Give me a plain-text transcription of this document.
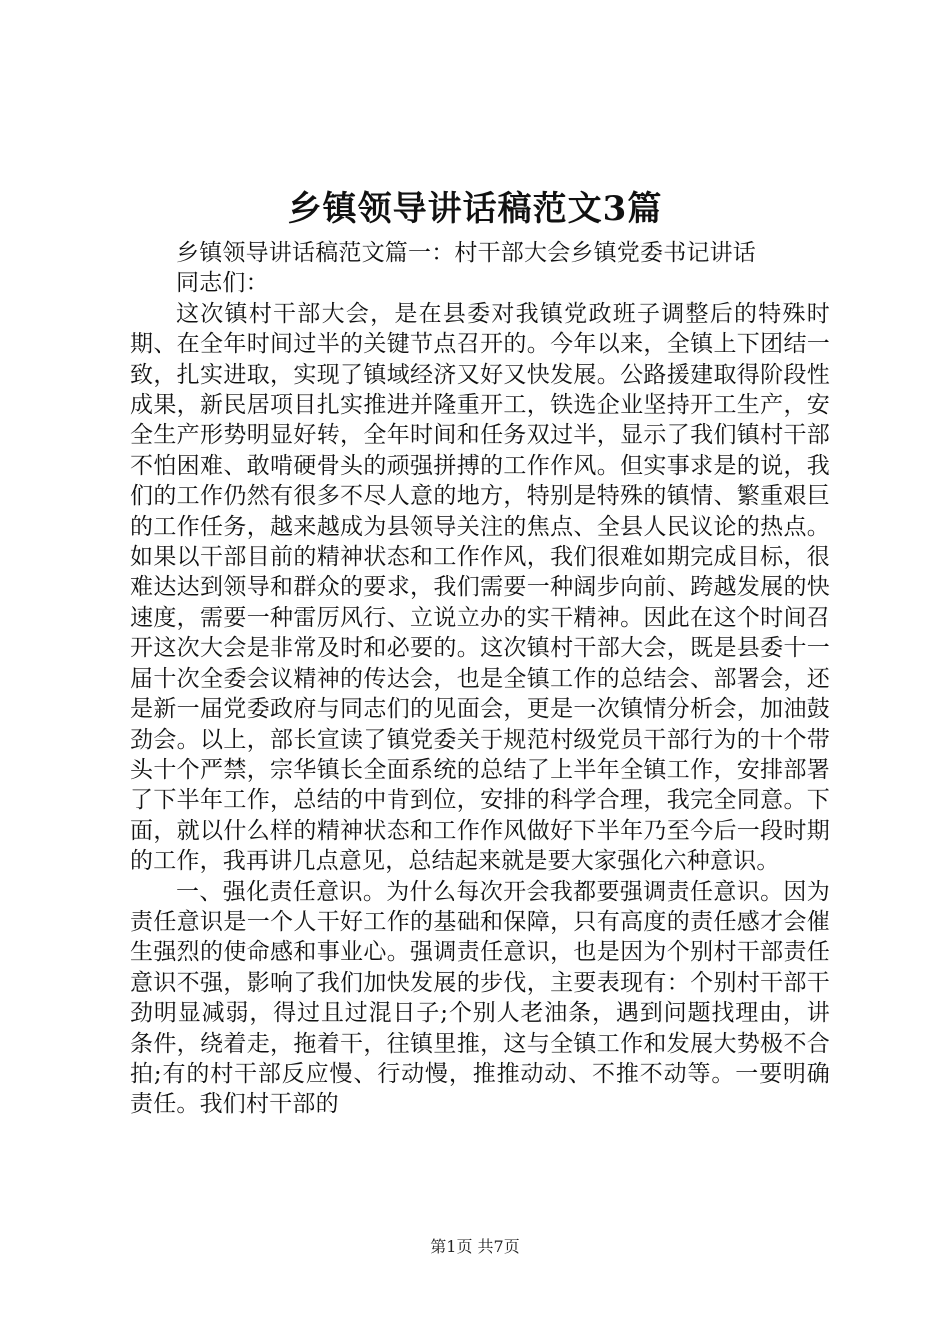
乡镇领导讲话稿范文3篇

乡镇领导讲话稿范文篇一：村干部大会乡镇党委书记讲话

同志们：

这次镇村干部大会，是在县委对我镇党政班子调整后的特殊时期、在全年时间过半的关键节点召开的。今年以来，全镇上下团结一致，扎实进取，实现了镇域经济又好又快发展。公路援建取得阶段性成果，新民居项目扎实推进并隆重开工，铁选企业坚持开工生产，安全生产形势明显好转，全年时间和任务双过半，显示了我们镇村干部不怕困难、敢啃硬骨头的顽强拼搏的工作作风。但实事求是的说，我们的工作仍然有很多不尽人意的地方，特别是特殊的镇情、繁重艰巨的工作任务，越来越成为县领导关注的焦点、全县人民议论的热点。如果以干部目前的精神状态和工作作风，我们很难如期完成目标，很难达达到领导和群众的要求，我们需要一种阔步向前、跨越发展的快速度，需要一种雷厉风行、立说立办的实干精神。因此在这个时间召开这次大会是非常及时和必要的。这次镇村干部大会，既是县委十一届十次全委会议精神的传达会，也是全镇工作的总结会、部署会，还是新一届党委政府与同志们的见面会，更是一次镇情分析会，加油鼓劲会。以上，部长宣读了镇党委关于规范村级党员干部行为的十个带头十个严禁，宗华镇长全面系统的总结了上半年全镇工作，安排部署了下半年工作，总结的中肯到位，安排的科学合理，我完全同意。下面，就以什么样的精神状态和工作作风做好下半年乃至今后一段时期的工作，我再讲几点意见，总结起来就是要大家强化六种意识。

一、强化责任意识。为什么每次开会我都要强调责任意识。因为责任意识是一个人干好工作的基础和保障，只有高度的责任感才会催生强烈的使命感和事业心。强调责任意识，也是因为个别村干部责任意识不强，影响了我们加快发展的步伐，主要表现有：个别村干部干劲明显减弱，得过且过混日子;个别人老油条，遇到问题找理由，讲条件，绕着走，拖着干，往镇里推，这与全镇工作和发展大势极不合拍;有的村干部反应慢、行动慢，推推动动、不推不动等。一要明确责任。我们村干部的

第1页 共7页
